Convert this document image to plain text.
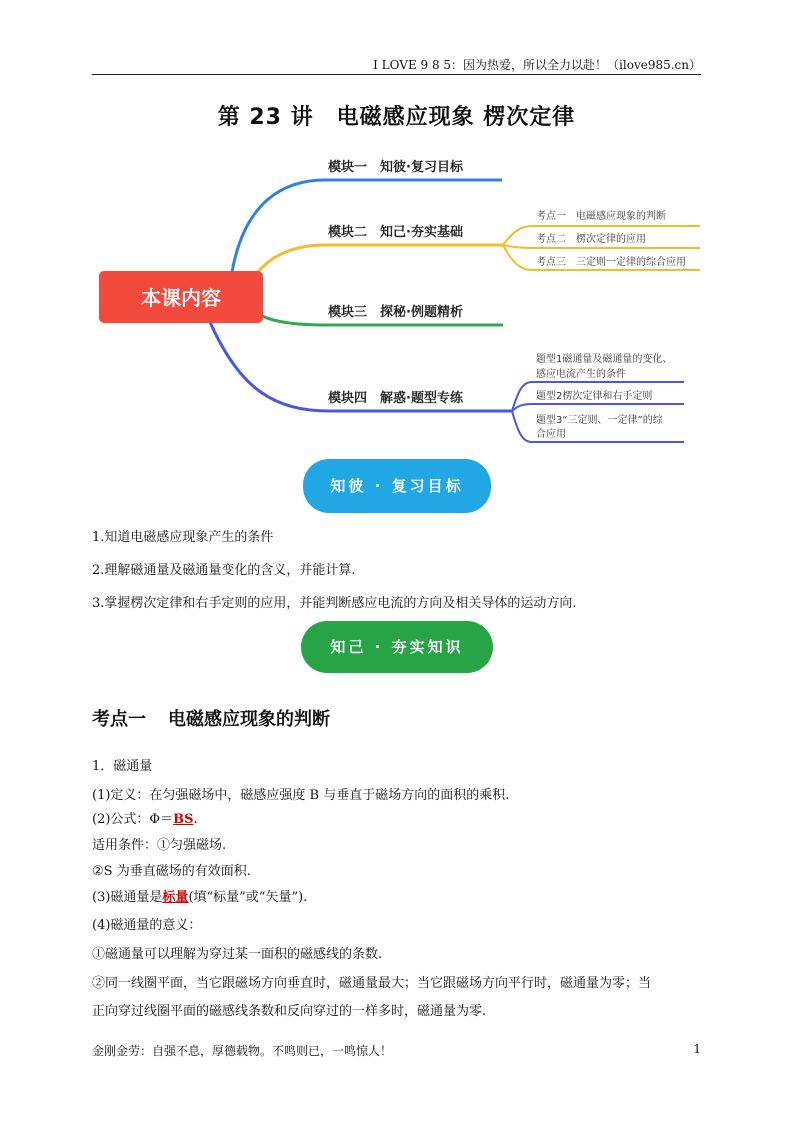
I LOVE 9 8 5：因为热爱，所以全力以赴！（ilove985.cn）
第 23 讲　电磁感应现象 楞次定律
本课内容
模块一　知彼·复习目标
模块二　知己·夯实基础
模块三　探秘·例题精析
模块四　解惑·题型专练
考点一　电磁感应现象的判断
考点二　楞次定律的应用
考点三　三定则一定律的综合应用
题型1磁通量及磁通量的变化、
感应电流产生的条件
题型2楞次定律和右手定则
题型3“三定则、一定律”的综
合应用
知彼 · 复习目标
1.知道电磁感应现象产生的条件
2.理解磁通量及磁通量变化的含义，并能计算.
3.掌握楞次定律和右手定则的应用，并能判断感应电流的方向及相关导体的运动方向.
知己 · 夯实知识
考点一 电磁感应现象的判断
1．磁通量
(1)定义：在匀强磁场中，磁感应强度 B 与垂直于磁场方向的面积的乘积.
(2)公式：Φ＝BS.
适用条件：①匀强磁场.
②S 为垂直磁场的有效面积.
(3)磁通量是标量(填“标量”或“矢量”).
(4)磁通量的意义：
①磁通量可以理解为穿过某一面积的磁感线的条数.
②同一线圈平面，当它跟磁场方向垂直时，磁通量最大；当它跟磁场方向平行时，磁通量为零；当
正向穿过线圈平面的磁感线条数和反向穿过的一样多时，磁通量为零.
金刚金劳：自强不息，厚德载物。不鸣则已，一鸣惊人！	1
